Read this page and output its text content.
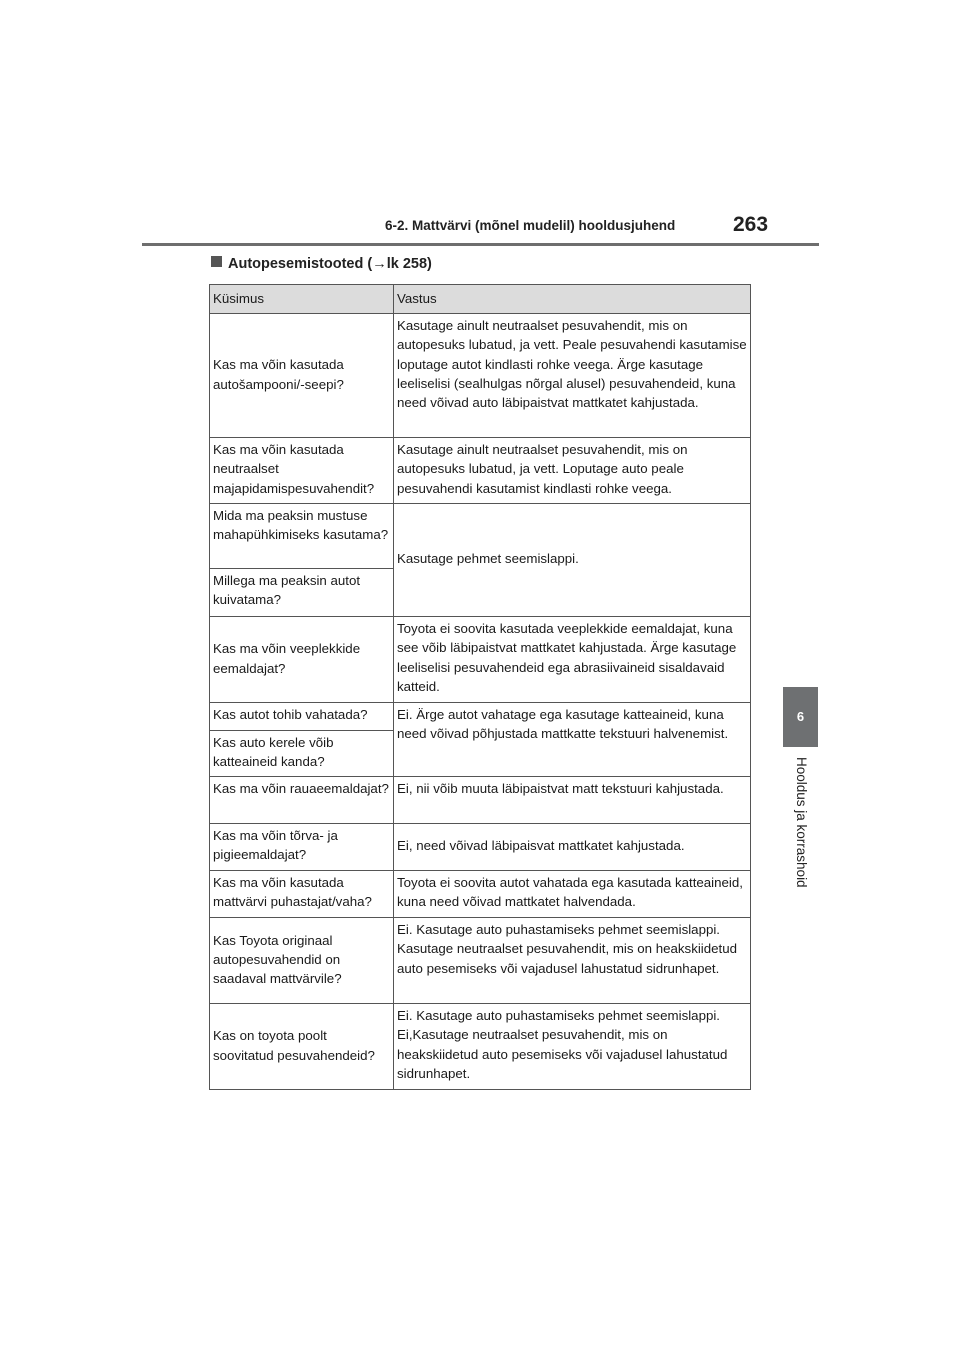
6-2. Mattvärvi (mõnel mudelil) hooldusjuhend	263
6
Hooldus ja korrashoid
Autopesemistooted (→lk 258)
Küsimus	Vastus
Kas ma võin kasutada autošampooni/-seepi?	Kasutage ainult neutraalset pesuvahendit, mis on autopesuks lubatud, ja vett. Peale pesuvahendi kasutamise loputage autot kindlasti rohke veega. Ärge kasutage leeliselisi (sealhulgas nõrgal alusel) pesuvahendeid, kuna need võivad auto läbipaistvat mattkatet kahjustada.
Kas ma võin kasutada neutraalset majapidamispesuvahendit?	Kasutage ainult neutraalset pesuvahendit, mis on autopesuks lubatud, ja vett. Loputage auto peale pesuvahendi kasutamist kindlasti rohke veega.
Mida ma peaksin mustuse mahapühkimiseks kasutama?	Kasutage pehmet seemislappi.
Millega ma peaksin autot kuivatama?	
Kas ma võin veeplekkide eemaldajat?	Toyota ei soovita kasutada veeplekkide eemaldajat, kuna see võib läbipaistvat mattkatet kahjustada. Ärge kasutage leeliselisi pesuvahendeid ega abrasiivaineid sisaldavaid katteid.
Kas autot tohib vahatada?	Ei. Ärge autot vahatage ega kasutage katteaineid, kuna need võivad põhjustada mattkatte tekstuuri halvenemist.
Kas auto kerele võib katteaineid kanda?	
Kas ma võin rauaeemaldajat?	Ei, nii võib muuta läbipaistvat matt tekstuuri kahjustada.
Kas ma võin tõrva- ja pigieemaldajat?	Ei, need võivad läbipaisvat mattkatet kahjustada.
Kas ma võin kasutada mattvärvi puhastajat/vaha?	Toyota ei soovita autot vahatada ega kasutada katteaineid, kuna need võivad mattkatet halvendada.
Kas Toyota originaal autopesuvahendid on saadaval mattvärvile?	Ei. Kasutage auto puhastamiseks pehmet seemislappi. Kasutage neutraalset pesuvahendit, mis on heakskiidetud auto pesemiseks või vajadusel lahustatud sidrunhapet.
Kas on toyota poolt soovitatud pesuvahendeid?	Ei. Kasutage auto puhastamiseks pehmet seemislappi. Ei,Kasutage neutraalset pesuvahendit, mis on heakskiidetud auto pesemiseks või vajadusel lahustatud sidrunhapet.
